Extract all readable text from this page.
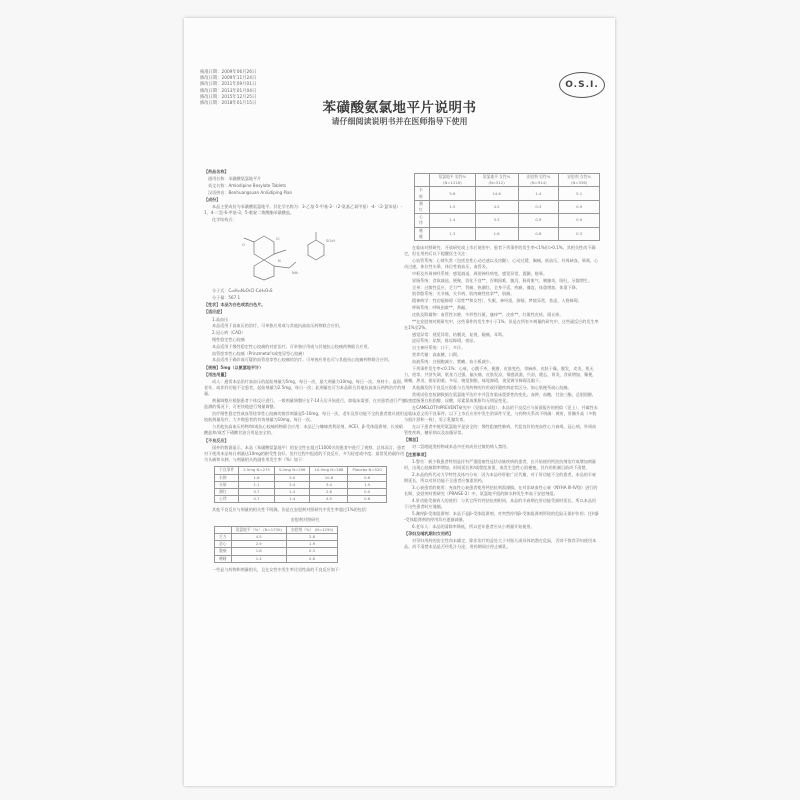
核准日期：2009年06月26日
修改日期：2009年11月24日
修改日期：2011年09月01日
修改日期：2013年01月04日
修改日期：2015年12月25日
修改日期：2018年01月15日
O.S.I.
苯磺酸氨氯地平片说明书
请仔细阅读说明书并在医师指导下使用

【药品名称】

通用名称：苯磺酸氨氯地平片

英文名称：Amlodipine Besylate Tablets

汉语拼音：Benhuangsuan Anlüdiping Pian

【成份】

本品主要成份为苯磺酸氨氯地平。其化学名称为：3-乙基-5-甲基-2-（2-氨基乙氧甲基）-4-（2-氯苯基）-1，4-二氢-6-甲基-3，5-吡啶二羧酸酯苯磺酸盐。

化学结构式：

Cl
O
N
NH₂
SO₃H

分子式：C₂₀H₂₅N₂O₅Cl·C₆H₆O₃S

分子量：567.1

【性状】本品为白色或类白色片。

【适应症】

1.高血压

本品适用于高血压的治疗。可单独应用或与其他抗高血压药物联合应用。

2.冠心病（CAD）

慢性稳定性心绞痛

本品适用于慢性稳定性心绞痛的对症治疗。可单独应用或与其他抗心绞痛药物联合应用。

血管痉挛性心绞痛（Prinzmetal's或变异型心绞痛）

本品适用于确诊或可疑的血管痉挛性心绞痛的治疗。可单独应用也可与其他抗心绞痛药物联合应用。

【规格】5mg（以氨氯地平计）

【用法用量】

成人：通常本品治疗高血压的起始剂量为5mg，每日一次，最大剂量为10mg，每日一次。身材小、虚弱、老年、或伴肝功能不全患者，起始剂量为2.5mg，每日一次；此剂量也可为本品联合其他抗高血压药物治疗的剂量。

剂量调整应根据患者个体反应进行。一般剂量调整应在7-14天后开始进行，如临床需要，在对患者进行严密监测的情况下，可更快地进行剂量调整。

治疗慢性稳定性或血管痉挛性心绞痛的推荐剂量是5-10mg，每日一次，老年及肝功能不全的患者建议使用较低剂量治疗。大多数患者的有效剂量为10mg，每日一次。

与其他抗高血压药物和/或抗心绞痛药物联合应用：本品已与噻嗪类利尿剂、ACEI、β-受体阻滞剂、长效硝酸盐和/或舌下硝酸甘油合用是安全的。

【不良反应】

国外的数据显示，本品（苯磺酸氨氯地平）的安全性在超过11000名的患者中进行了观察。总体而言，患者对于使用本品每日剂量达10mg的耐受性良好。治疗过程中报道的不良反应，多为轻度或中度。最常见的副作用为头痛和水肿。与剂量相关的副作用发生率（%）如下：

不良事件	2.5mg N=275	5.0mg N=296	10.0mg N=268	Placebo N=520
水肿	1.8	3.0	10.8	0.6
头晕	1.1	3.4	3.4	1.5
潮红	0.7	1.4	2.6	0.0
心悸	0.7	1.4	4.5	0.6

其他不良反应与剂量的相关性不明确，但是在安慰剂对照研究中发生率超过1%的包括：

安慰剂对照研究

	氨氯地平（%） (N=1730)	安慰剂（%） (N=1250)
乏力	4.5	2.8
恶心	2.9	1.9
腹痛	1.6	0.3
嗜睡	1.4	0.6

一些显与药物和剂量相关，且在女性中发生率比男性高的不良反应如下：

	氨氯地平 男性% (N=1218)	氨氯地平 女性% (N=512)	安慰剂 男性% (N=914)	安慰剂 女性% (N=336)
水肿	5.6	14.6	1.4	5.1
潮红	1.5	4.5	0.3	0.9
心悸	1.4	3.3	0.9	0.9
嗜睡	1.3	1.6	0.8	0.3

在临床对照研究、开放研究或上市后使用中，患者下列事件的发生率<1%但>0.1%，其相关性尚不确定，但在用药后以下提醒医生关注：

心血管系统：心律失常（包括室性心动过速以及房颤），心动过缓，胸痛，低血压，外周缺血，晕厥，心动过速，体位性头晕，体位性低血压，血管炎。

中枢及外周神经系统：感觉减退，周围神经病变，感觉异常，震颤，眩晕。

胃肠系统：食欲减退，便秘，消化不良**，吞咽困难，腹泻，肠胃胀气，胰腺炎，呕吐，牙龈增生。

全身：过敏性反应，乏力**，背痛，热潮红，全身不适，疼痛，僵直，体重增加，体重下降。

肌骨骼系统：关节痛，关节病，肌肉痛性痉挛**，肌痛。

精神病学：性功能障碍（男性**和女性），失眠，神经质，抑郁，梦境异常，焦虑，人格障碍。

呼吸系统：呼吸困难**，鼻衄。

皮肤及附属物：血管性水肿，多形性红斑，瘙痒**，皮疹**，红斑性皮疹，斑丘疹。

**在安慰剂对照研究中，这些事件的发生率小于1%，但是在所有多剂量的研究中，这些副反应的发生率在1%至2%。

感觉异常：视觉异常，结膜炎，复视，眼痛，耳鸣。

泌尿系统：尿频，排尿障碍，夜尿。

自主神经系统：口干，多汗。

营养代谢：高血糖，口渴。

血液系统：白细胞减少，紫癜，血小板减少。

下列事件发生率<0.1%：心衰，心跳不齐，便溏，皮肤变色，荨麻疹，皮肤干燥，脱发，皮炎，肌无力，痉挛，共济失调，肌张力过强，偏头痛，皮肤发凉，情感淡漠，兴奋，健忘，胃炎，食欲增加，稀便，咳嗽，鼻炎，排尿困难，多尿，嗅觉倒错，味觉障碍，视觉调节障碍及眼干。

其他偶发的不良反应很难与合用药物的作用或伴随疾病症状区分。如心肌梗死或心绞痛。

常规试验室检测数据在氨氯地平治疗中并没有临床重要性的变化。血钾，血糖，甘油三酯，总胆固醇，高密度脂蛋白胆固醇，尿酸，尿素氮或肌酐均无明显变化。

在CAMELOT和PREVENT研究中（见临床试验），本品的不良反应与前面报告的相似（见上），并属性未是临床意义的不良事件。以下上市后应用中发生的事件罕见，与药物关系尚不明确：黄疸，肝酶升高（多数与胆汁淤积一致），男子乳腺发育。

在以下患者中使用氨氯地平是安全的：慢性阻塞性肺病，代偿良好的充血性心力衰竭，冠心病，外周血管性疾病，糖尿病以及血脂异常。

【禁忌】

对二氢吡啶类药物或本品中任何成份过敏的病人禁用。

【注意事项】

1.警告：极少数患者特别是伴有严重阻塞性冠状动脉疾病的患者，在开始使用钙拮抗剂治疗或增加剂量时，出现心绞痛频率增加，时间延长和/或程度加重，或发生急性心肌梗塞，其作用机制目前尚不清楚。

2.本品的药代动力学特性及体内分布：因为本品经肝脏广泛代谢，对于肝功能不全的患者，本品的半衰期延长，所以对肝功能不全患者应慎重用药。

3.心衰患者的使用：充血性心衰患者使用钙拮抗剂需谨慎。在对非缺血性心衰（NYHA III-IV级）进行的长期、安慰剂对照研究（PRAISE-2）中，氨氯地平组的肺水肿发生率高于安慰剂组。

4.肝功能受损病人的使用：与其它所有钙拮抗剂相同，本品的半衰期在肝功能受损时延长，所以本品用于这些患者时应谨慎。

5.骤停β-受体阻滞剂：本品不是β-受体阻滞剂，对突然停用β-受体阻滞剂所致的危险无保护作用；任何β-受体阻滞剂的停用均应逐渐减量。

6.老年人：本品的清除率降低，所以老年患者应从小剂量开始使用。

【孕妇及哺乳期妇女用药】

对孕妇用药的安全性尚未确定，除非治疗的益处大于对胎儿或母体的潜在危险，否则不推荐孕妇使用本品。尚不清楚本品是否经乳汁分泌，用药期间应停止哺乳。
